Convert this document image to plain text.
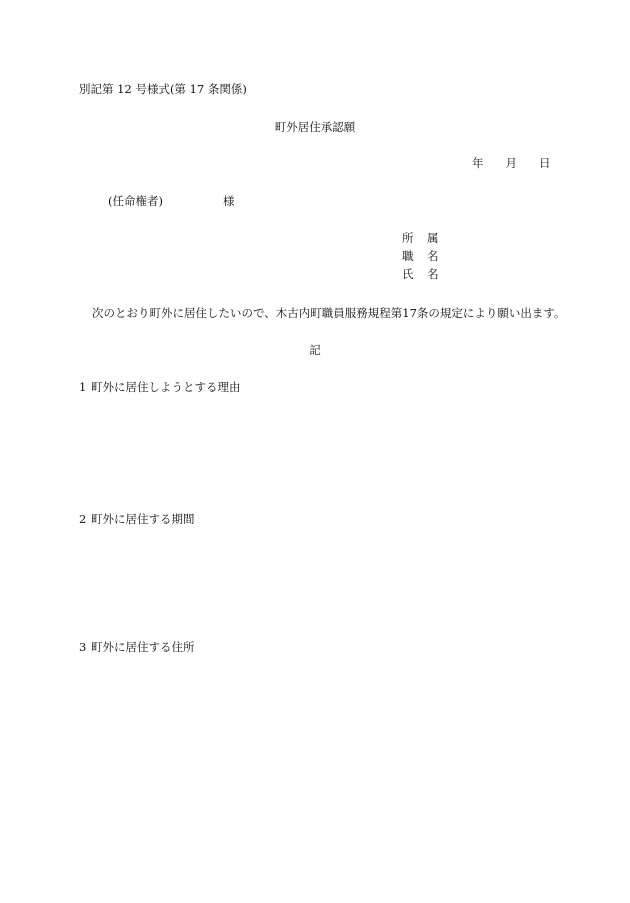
別記第 12 号様式(第 17 条関係)
町外居住承認願
年 月 日
(任命権者)	様
所 属
職 名
氏 名
次のとおり町外に居住したいので、木古内町職員服務規程第17条の規定により願い出ます。
記
1 町外に居住しようとする理由
2 町外に居住する期間
3 町外に居住する住所
